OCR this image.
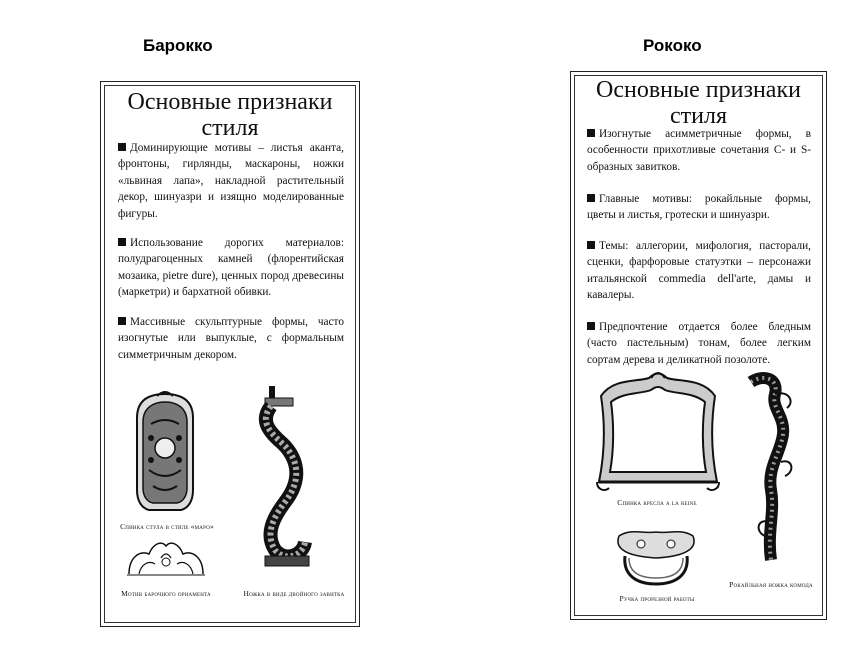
Барокко	Рококо
Основные признаки
стиля
Доминирующие мотивы – листья аканта, фронтоны, гирлянды, маскароны, ножки «львиная лапа», накладной растительный декор, шинуазри и изящно моделированные фигуры.
Использование дорогих материалов: полудрагоценных камней (флорентийская мозаика, pietre dure), ценных пород древесины (маркетри) и бархатной обивки.
Массивные скульптурные формы, часто изогнутые или выпуклые, с формальным симметричным декором.
Спинка стула в стиле «маро»
Мотив барочного орнамента	Ножка в виде двойного завитка
Основные признаки
стиля
Изогнутые асимметричные формы, в особенности прихотливые сочетания С- и S-образных завитков.
Главные мотивы: рокайльные формы, цветы и листья, гротески и шинуазри.
Темы: аллегории, мифология, пасторали, сценки, фарфоровые статуэтки – персонажи итальянской commedia dell'arte, дамы и кавалеры.
Предпочтение отдается более бледным (часто пастельным) тонам, более легким сортам дерева и деликатной позолоте.
Спинка кресла a la reine
Ручка прорезной работы
Рокайльная ножка комода
